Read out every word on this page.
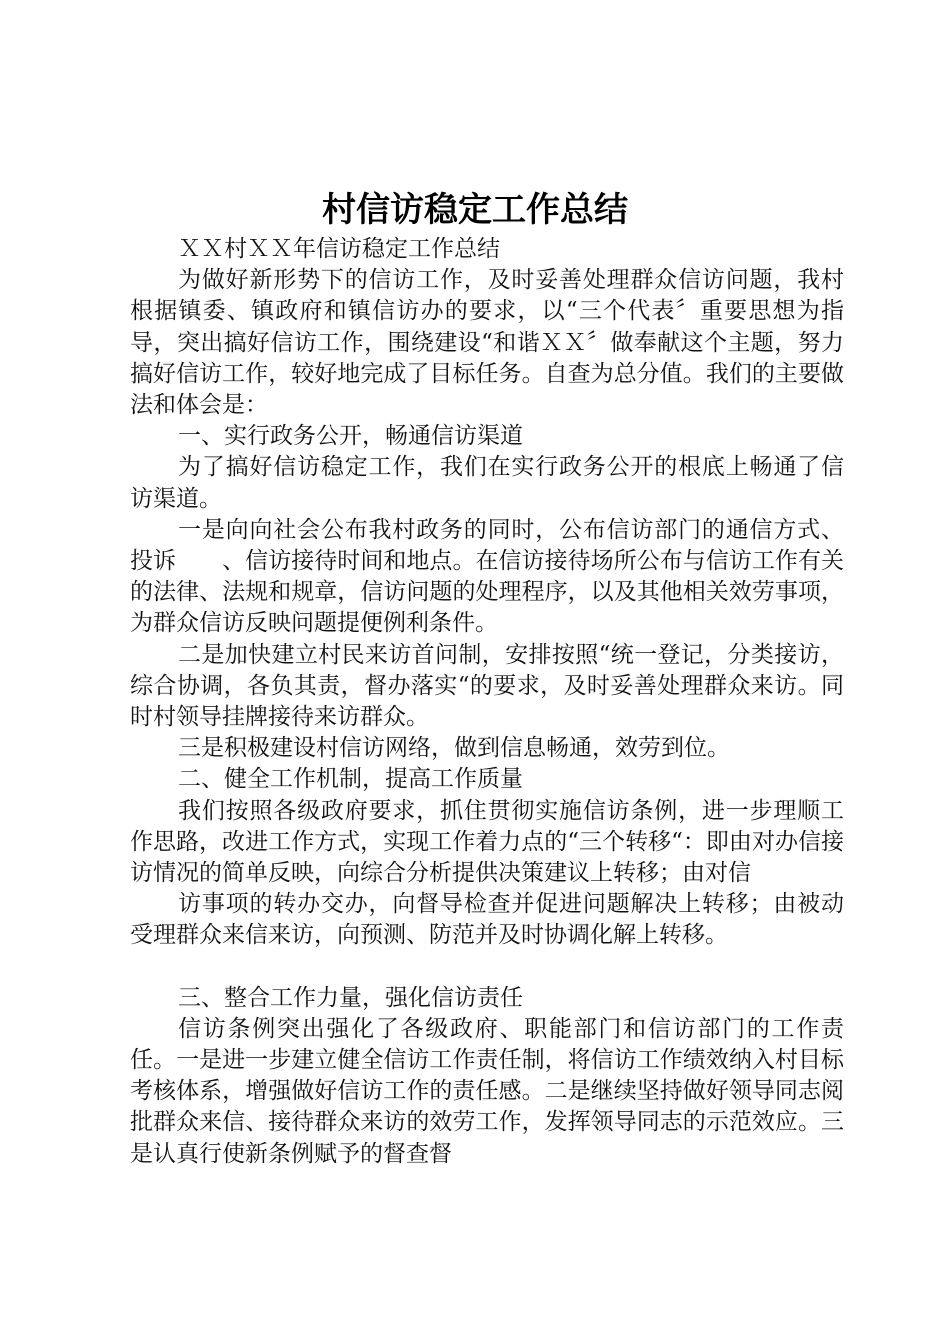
村信访稳定工作总结

ＸＸ村ＸＸ年信访稳定工作总结

为做好新形势下的信访工作，及时妥善处理群众信访问题，我村根据镇委、镇政府和镇信访办的要求，以“三个代表〞重要思想为指导，突出搞好信访工作，围绕建设“和谐ＸＸ〞做奉献这个主题，努力搞好信访工作，较好地完成了目标任务。自查为总分值。我们的主要做法和体会是：

一、实行政务公开，畅通信访渠道

为了搞好信访稳定工作，我们在实行政务公开的根底上畅通了信访渠道。

一是向向社会公布我村政务的同时，公布信访部门的通信方式、投诉　　、信访接待时间和地点。在信访接待场所公布与信访工作有关的法律、法规和规章，信访问题的处理程序，以及其他相关效劳事项，为群众信访反映问题提便例利条件。

二是加快建立村民来访首问制，安排按照“统一登记，分类接访，综合协调，各负其责，督办落实“的要求，及时妥善处理群众来访。同时村领导挂牌接待来访群众。

三是积极建设村信访网络，做到信息畅通，效劳到位。

二、健全工作机制，提高工作质量

我们按照各级政府要求，抓住贯彻实施信访条例，进一步理顺工作思路，改进工作方式，实现工作着力点的“三个转移“：即由对办信接访情况的简单反映，向综合分析提供决策建议上转移；由对信

访事项的转办交办，向督导检查并促进问题解决上转移；由被动受理群众来信来访，向预测、防范并及时协调化解上转移。

三、整合工作力量，强化信访责任

信访条例突出强化了各级政府、职能部门和信访部门的工作责任。一是进一步建立健全信访工作责任制，将信访工作绩效纳入村目标考核体系，增强做好信访工作的责任感。二是继续坚持做好领导同志阅批群众来信、接待群众来访的效劳工作，发挥领导同志的示范效应。三是认真行使新条例赋予的督查督
